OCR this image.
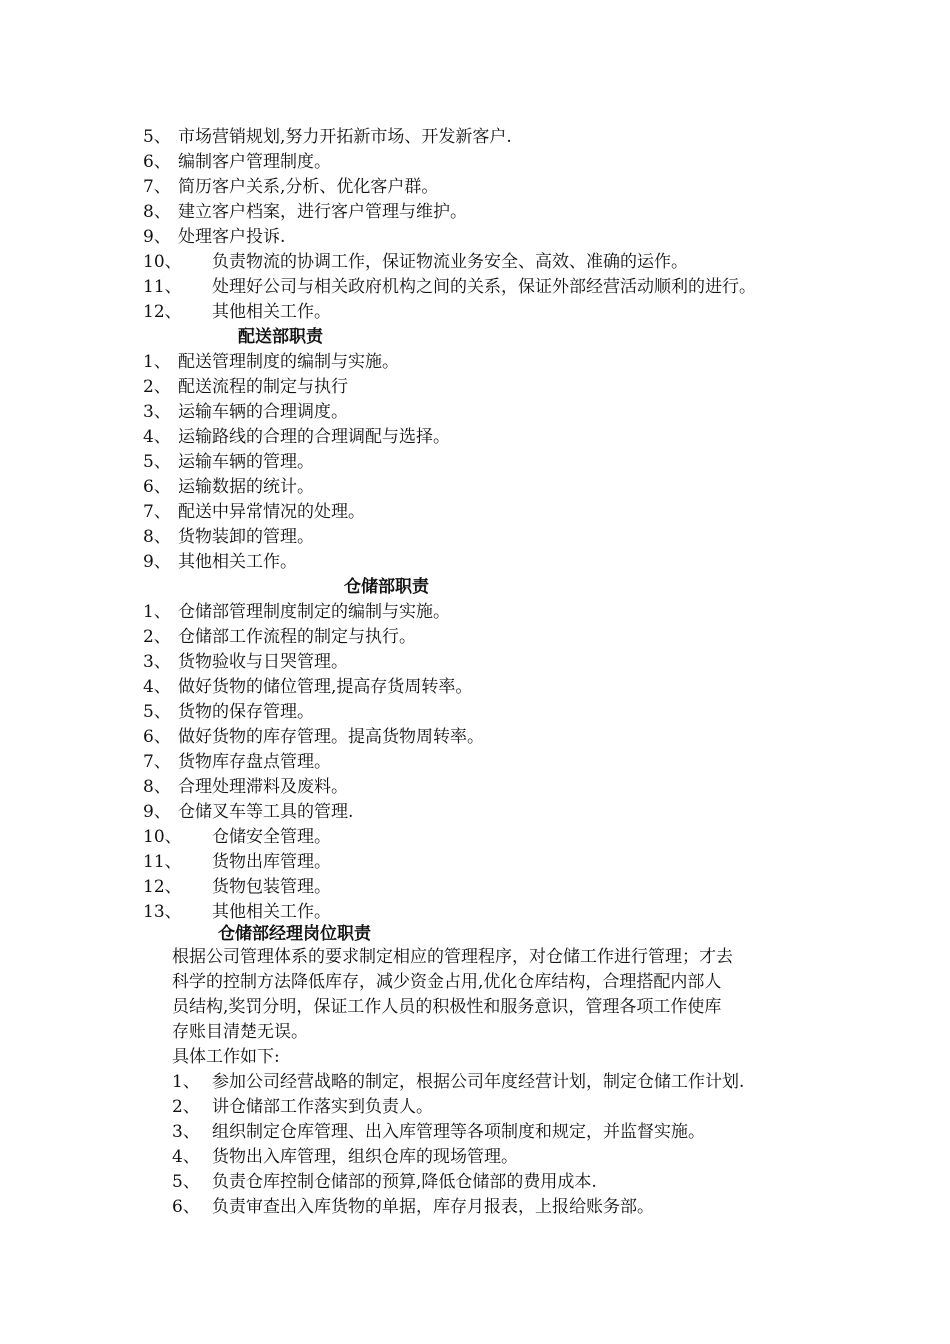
5、 市场营销规划,努力开拓新市场、开发新客户.
6、 编制客户管理制度。
7、 简历客户关系,分析、优化客户群。
8、 建立客户档案，进行客户管理与维护。
9、 处理客户投诉.
10、 负责物流的协调工作，保证物流业务安全、高效、准确的运作。
11、 处理好公司与相关政府机构之间的关系，保证外部经营活动顺利的进行。
12、 其他相关工作。
配送部职责
1、 配送管理制度的编制与实施。
2、 配送流程的制定与执行
3、 运输车辆的合理调度。
4、 运输路线的合理的合理调配与选择。
5、 运输车辆的管理。
6、 运输数据的统计。
7、 配送中异常情况的处理。
8、 货物装卸的管理。
9、 其他相关工作。
仓储部职责
1、 仓储部管理制度制定的编制与实施。
2、 仓储部工作流程的制定与执行。
3、 货物验收与日哭管理。
4、 做好货物的储位管理,提高存货周转率。
5、 货物的保存管理。
6、 做好货物的库存管理。提高货物周转率。
7、 货物库存盘点管理。
8、 合理处理滞料及废料。
9、 仓储叉车等工具的管理.
10、 仓储安全管理。
11、 货物出库管理。
12、 货物包装管理。
13、 其他相关工作。
仓储部经理岗位职责
根据公司管理体系的要求制定相应的管理程序，对仓储工作进行管理；才去
科学的控制方法降低库存，减少资金占用,优化仓库结构，合理搭配内部人
员结构,奖罚分明，保证工作人员的积极性和服务意识，管理各项工作使库
存账目清楚无误。
具体工作如下:
1、 参加公司经营战略的制定，根据公司年度经营计划，制定仓储工作计划.
2、 讲仓储部工作落实到负责人。
3、 组织制定仓库管理、出入库管理等各项制度和规定，并监督实施。
4、 货物出入库管理，组织仓库的现场管理。
5、 负责仓库控制仓储部的预算,降低仓储部的费用成本.
6、 负责审查出入库货物的单据，库存月报表，上报给账务部。
